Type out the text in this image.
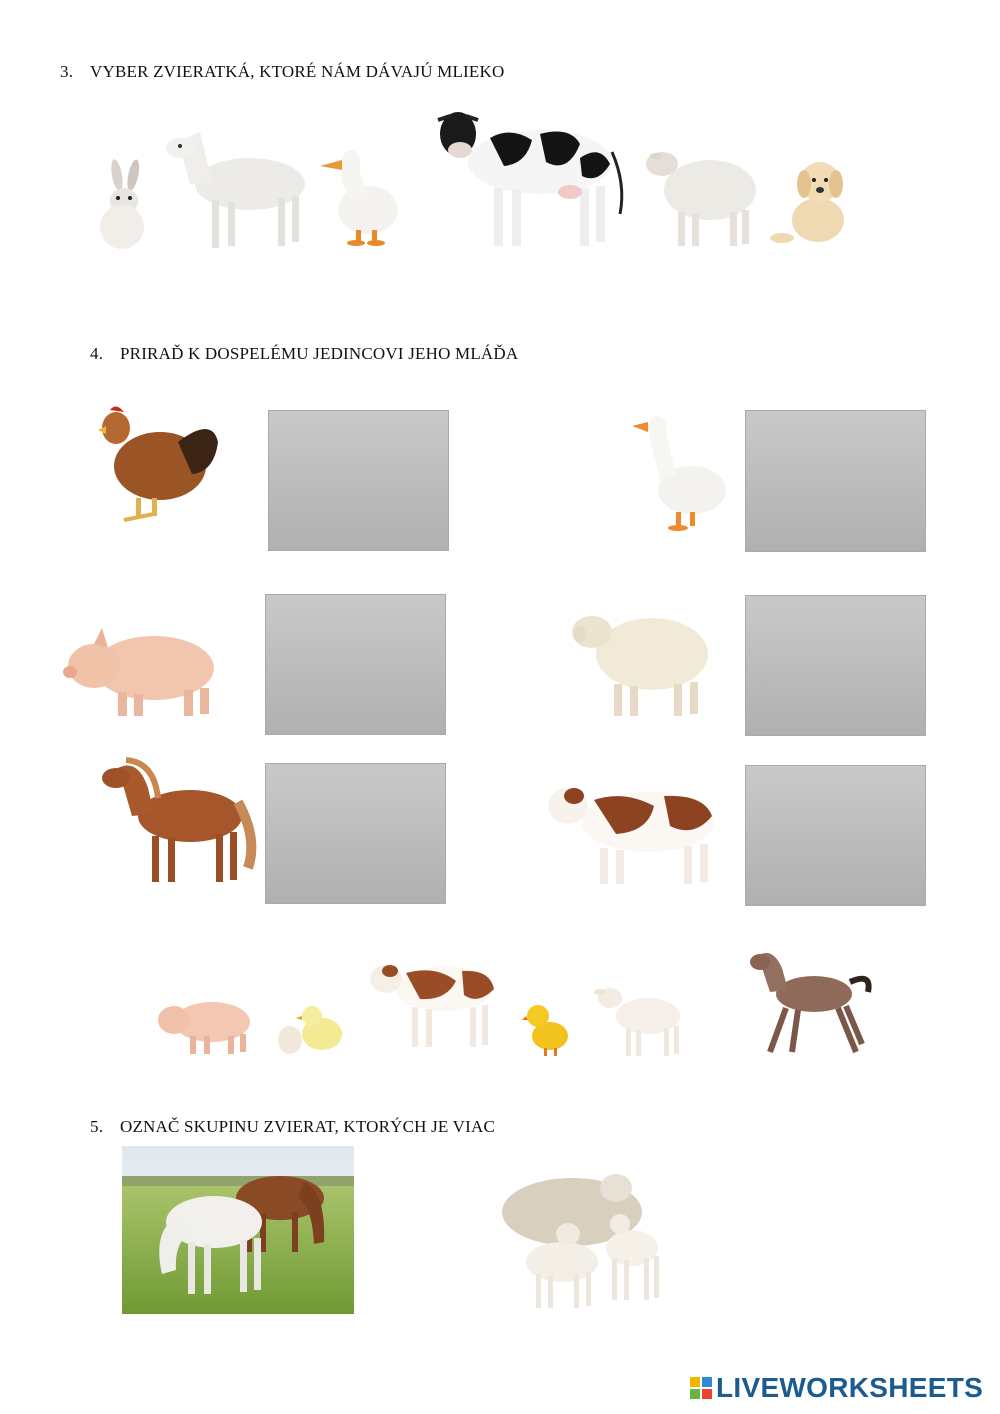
3. VYBER ZVIERATKÁ, KTORÉ NÁM DÁVAJÚ MLIEKO
4. PRIRAĎ K DOSPELÉMU JEDINCOVI JEHO MLÁĎA
5. OZNAČ SKUPINU ZVIERAT, KTORÝCH JE VIAC
LIVEWORKSHEETS
